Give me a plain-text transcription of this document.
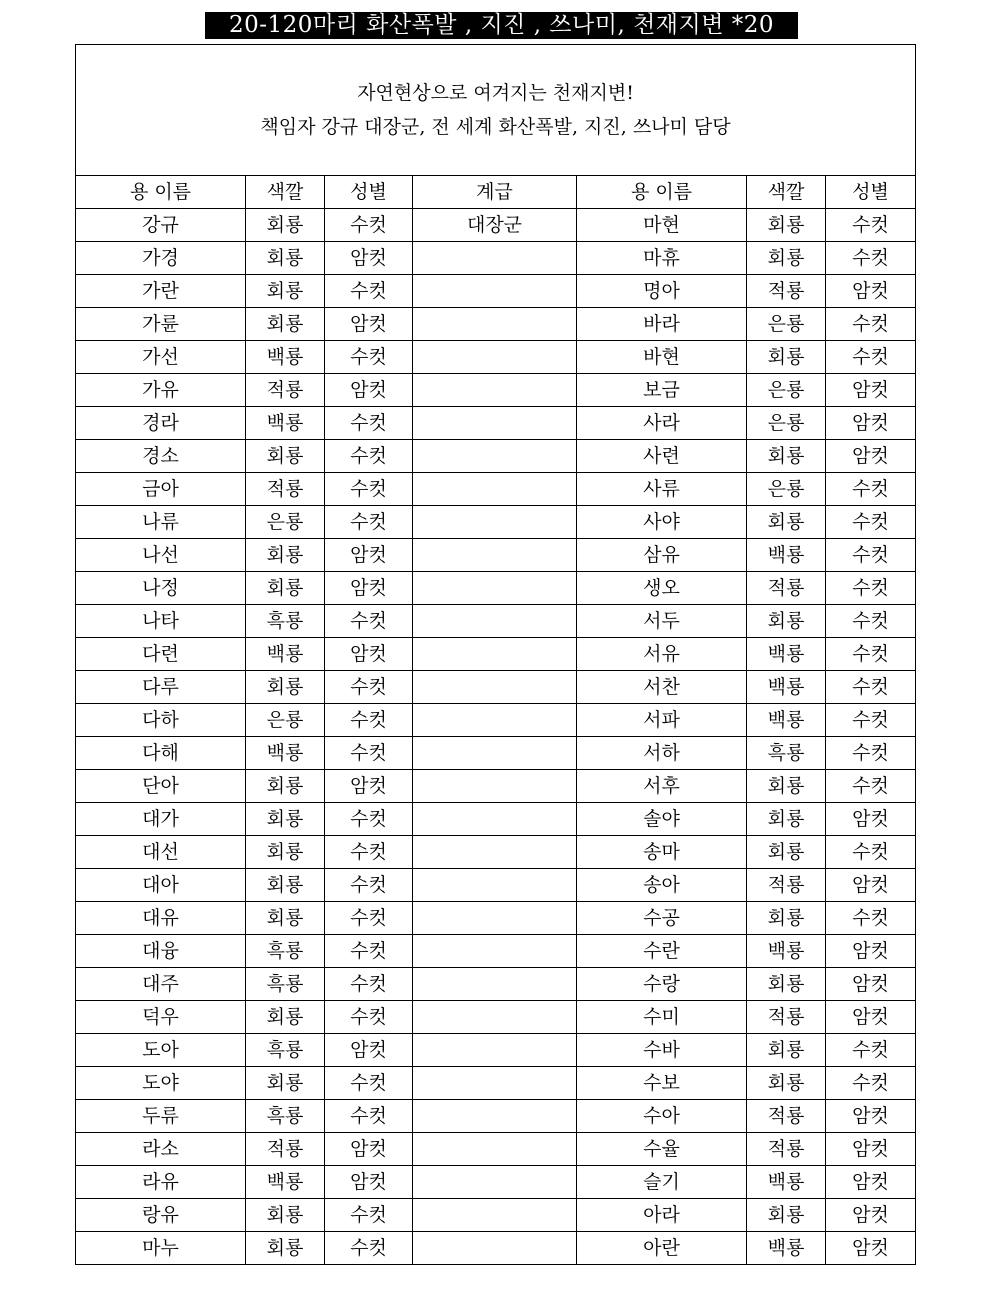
20-120마리 화산폭발 , 지진 , 쓰나미, 천재지변 *20
자연현상으로 여겨지는 천재지변!
책임자 강규 대장군, 전 세계 화산폭발, 지진, 쓰나미 담당						

용 이름	색깔	성별	계급	용 이름	색깔	성별
강규	회룡	수컷	대장군	마현	회룡	수컷
가경	회룡	암컷		마휴	회룡	수컷
가란	회룡	수컷		명아	적룡	암컷
가륜	회룡	암컷		바라	은룡	수컷
가선	백룡	수컷		바현	회룡	수컷
가유	적룡	암컷		보금	은룡	암컷
경라	백룡	수컷		사라	은룡	암컷
경소	회룡	수컷		사련	회룡	암컷
금아	적룡	수컷		사류	은룡	수컷
나류	은룡	수컷		사야	회룡	수컷
나선	회룡	암컷		삼유	백룡	수컷
나정	회룡	암컷		생오	적룡	수컷
나타	흑룡	수컷		서두	회룡	수컷
다련	백룡	암컷		서유	백룡	수컷
다루	회룡	수컷		서찬	백룡	수컷
다하	은룡	수컷		서파	백룡	수컷
다해	백룡	수컷		서하	흑룡	수컷
단아	회룡	암컷		서후	회룡	수컷
대가	회룡	수컷		솔야	회룡	암컷
대선	회룡	수컷		송마	회룡	수컷
대아	회룡	수컷		송아	적룡	암컷
대유	회룡	수컷		수공	회룡	수컷
대융	흑룡	수컷		수란	백룡	암컷
대주	흑룡	수컷		수랑	회룡	암컷
덕우	회룡	수컷		수미	적룡	암컷
도아	흑룡	암컷		수바	회룡	수컷
도야	회룡	수컷		수보	회룡	수컷
두류	흑룡	수컷		수아	적룡	암컷
라소	적룡	암컷		수율	적룡	암컷
라유	백룡	암컷		슬기	백룡	암컷
랑유	회룡	수컷		아라	회룡	암컷
마누	회룡	수컷		아란	백룡	암컷
